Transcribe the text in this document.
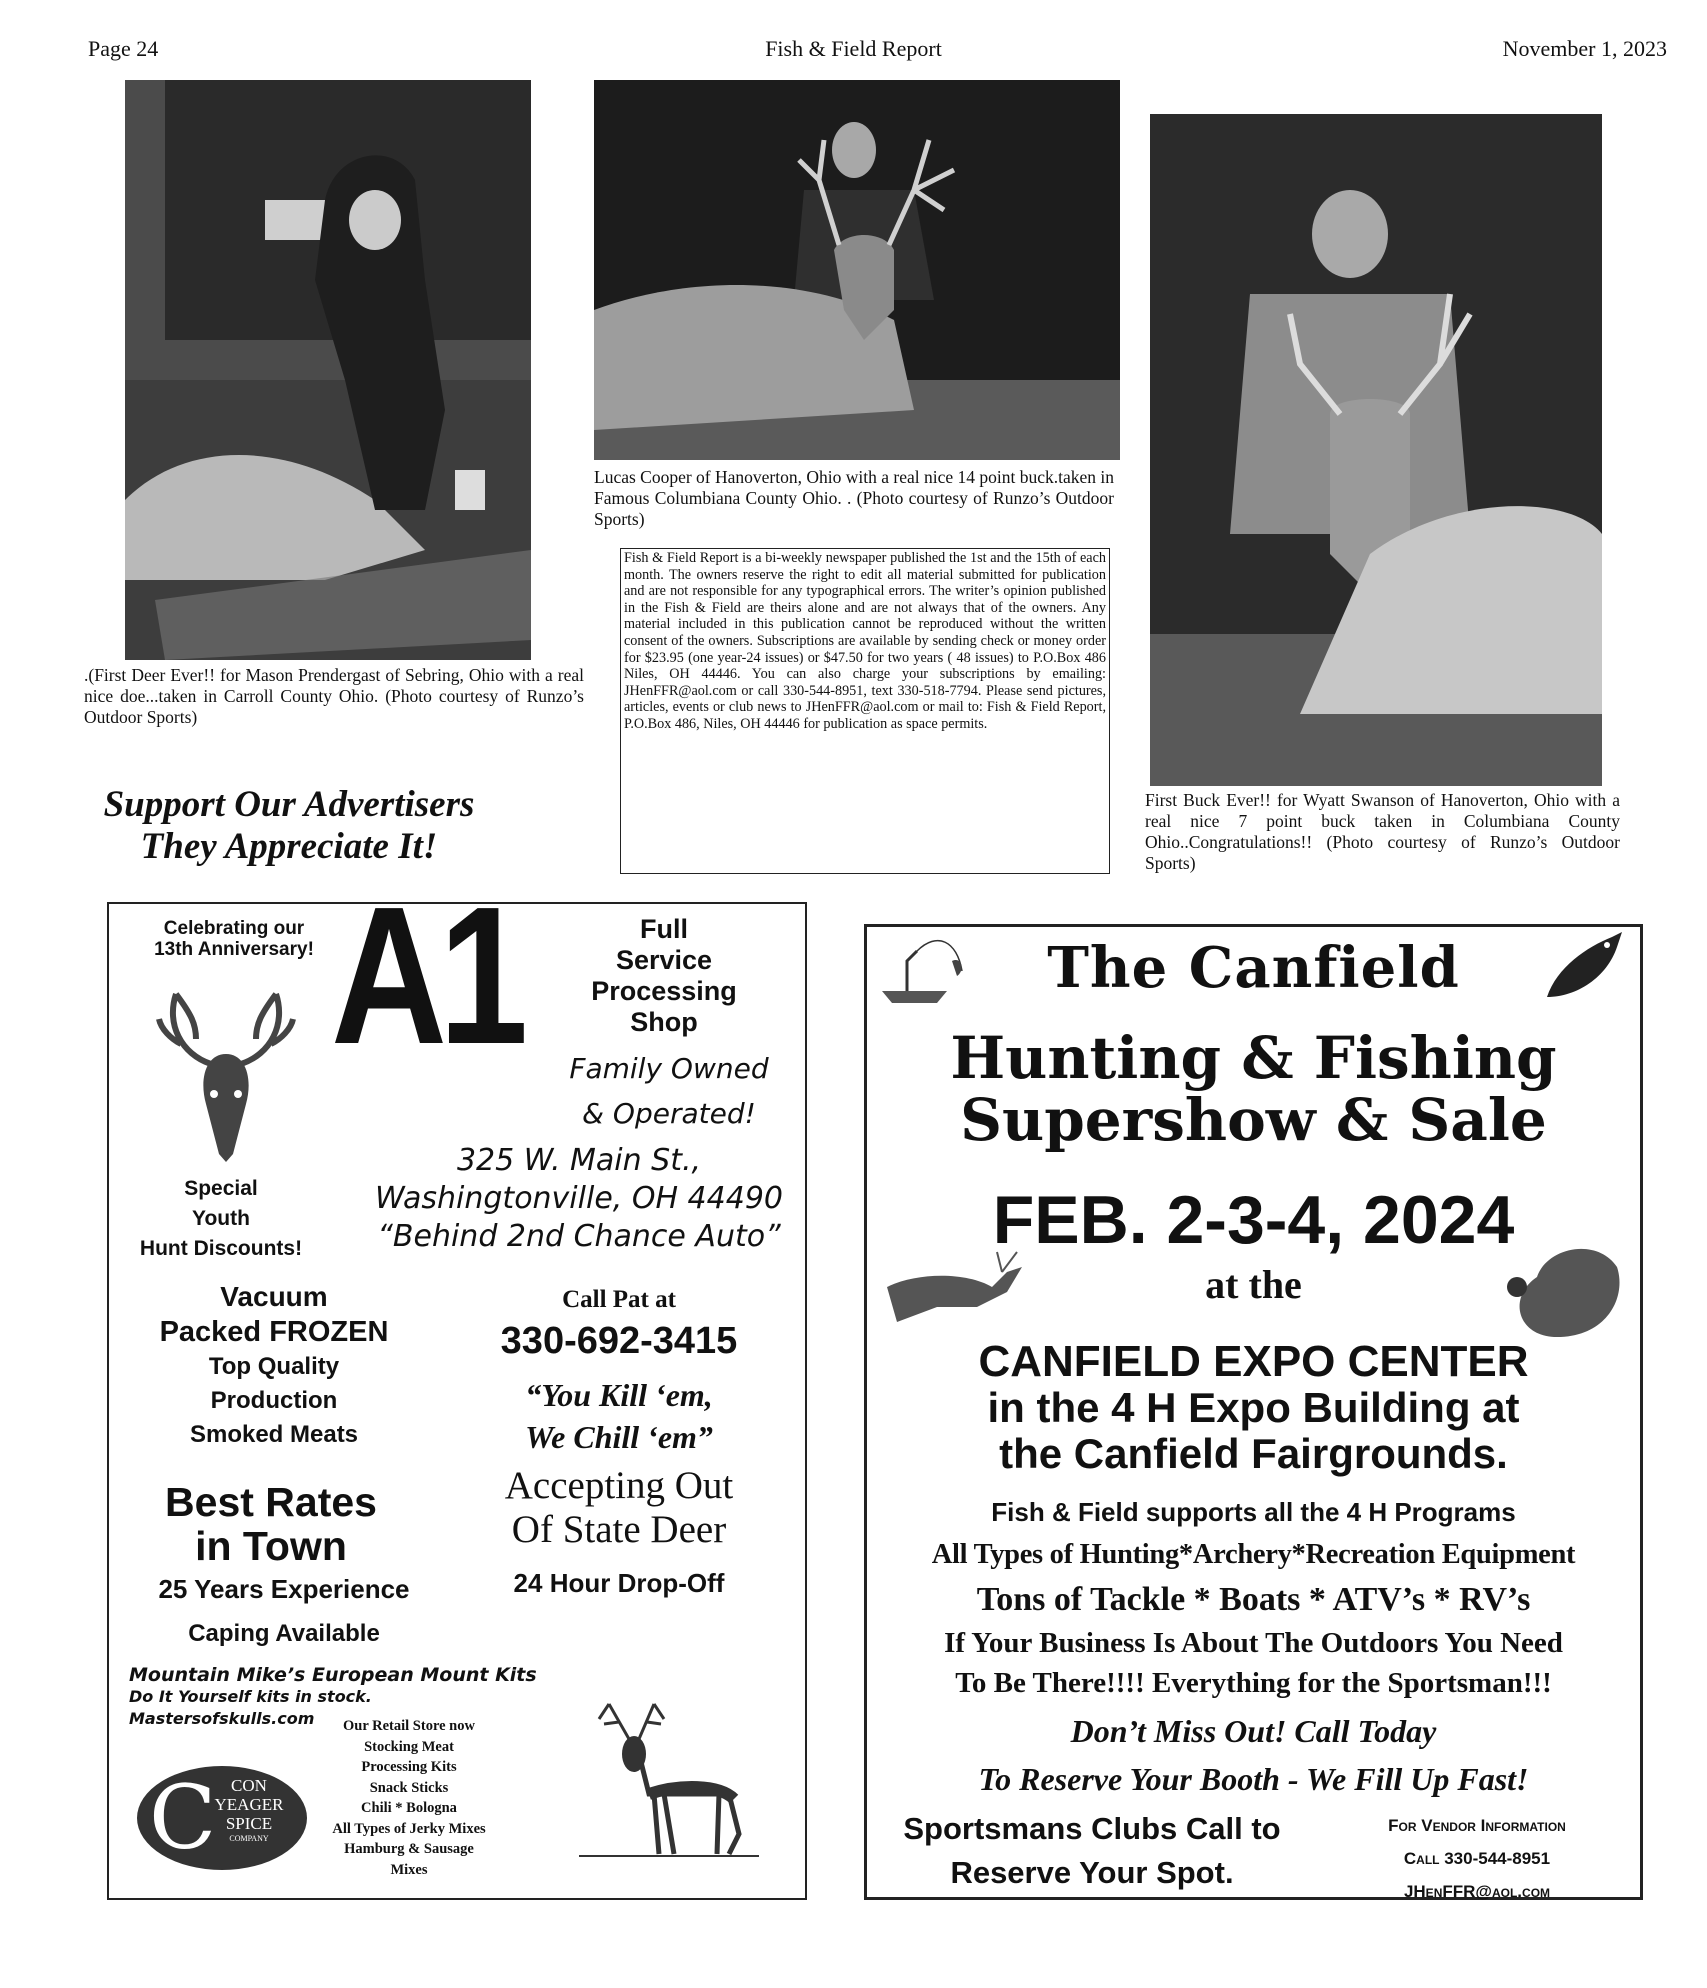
Page 24	Fish & Field Report	November 1, 2023
.(First Deer Ever!! for Mason Prendergast of Sebring, Ohio with a real nice doe...taken in Carroll County Ohio. (Photo courtesy of Runzo’s Outdoor Sports)
Lucas Cooper of Hanoverton, Ohio with a real nice 14 point buck.taken in Famous Columbiana County Ohio. . (Photo courtesy of Runzo’s Outdoor Sports)
Fish & Field Report is a bi-weekly newspaper published the 1st and the 15th of each month. The owners reserve the right to edit all material submitted for publication and are not responsible for any typographical errors. The writer’s opinion published in the Fish & Field are theirs alone and are not always that of the owners. Any material included in this publication cannot be reproduced without the written consent of the owners. Subscriptions are available by sending check or money order for $23.95 (one year-24 issues) or $47.50 for two years ( 48 issues) to P.O.Box 486 Niles, OH 44446. You can also charge your subscriptions by emailing: JHenFFR@aol.com or call 330-544-8951, text 330-518-7794. Please send pictures, articles, events or club news to JHenFFR@aol.com or mail to: Fish & Field Report, P.O.Box 486, Niles, OH 44446 for publication as space permits.
First Buck Ever!! for Wyatt Swanson of Hanoverton, Ohio with a real nice 7 point buck taken in Columbiana County Ohio..Congratulations!! (Photo courtesy of Runzo’s Outdoor Sports)
Support Our Advertisers
They Appreciate It!
Celebrating our
13th Anniversary! A1	Full
Service
Processing
Shop
Family Owned
& Operated!
325 W. Main St.,
Washingtonville, OH 44490
“Behind 2nd Chance Auto”
Special
Youth
Hunt Discounts!
Vacuum
Packed FROZEN
Top Quality
Production
Smoked Meats
Call Pat at
330-692-3415
“You Kill ‘em,
We Chill ‘em”
Best Rates
in Town
Accepting Out
Of State Deer
25 Years Experience	24 Hour Drop-Off
Caping Available
Mountain Mike’s European Mount Kits
Do It Yourself kits in stock.
Mastersofskulls.com	Our Retail Store now
Stocking Meat
Processing Kits
Snack Sticks
Chili * Bologna
All Types of Jerky Mixes
Hamburg & Sausage
Mixes
C CON
YEAGER
SPICE
COMPANY
The Canfield
Hunting & Fishing
Supershow & Sale
FEB. 2-3-4, 2024
at the
CANFIELD EXPO CENTER
in the 4 H Expo Building at
the Canfield Fairgrounds.
Fish & Field supports all the 4 H Programs
All Types of Hunting*Archery*Recreation Equipment
Tons of Tackle * Boats * ATV’s * RV’s
If Your Business Is About The Outdoors You Need
To Be There!!!! Everything for the Sportsman!!!
Don’t Miss Out! Call Today
To Reserve Your Booth - We Fill Up Fast!
Sportsmans Clubs Call to
Reserve Your Spot.
For Vendor Information
Call 330-544-8951
JHenFFR@aol.com
